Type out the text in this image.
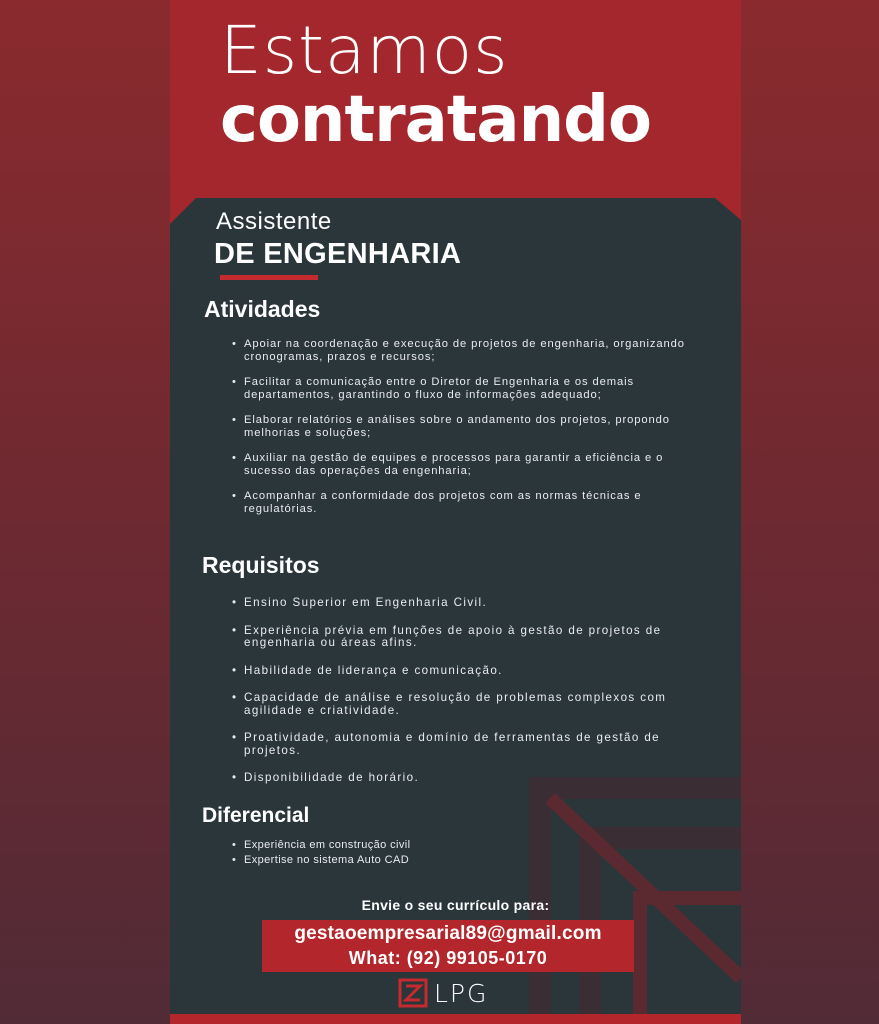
Estamos
contratando
Assistente
DE ENGENHARIA
Atividades
• Apoiar na coordenação e execução de projetos de engenharia, organizando cronogramas, prazos e recursos;
• Facilitar a comunicação entre o Diretor de Engenharia e os demais departamentos, garantindo o fluxo de informações adequado;
• Elaborar relatórios e análises sobre o andamento dos projetos, propondo melhorias e soluções;
• Auxiliar na gestão de equipes e processos para garantir a eficiência e o sucesso das operações da engenharia;
• Acompanhar a conformidade dos projetos com as normas técnicas e regulatórias.
Requisitos
• Ensino Superior em Engenharia Civil.
• Experiência prévia em funções de apoio à gestão de projetos de engenharia ou áreas afins.
• Habilidade de liderança e comunicação.
• Capacidade de análise e resolução de problemas complexos com agilidade e criatividade.
• Proatividade, autonomia e domínio de ferramentas de gestão de projetos.
• Disponibilidade de horário.
Diferencial
• Experiência em construção civil
• Expertise no sistema Auto CAD
Envie o seu currículo para:
gestaoempresarial89@gmail.com
What: (92) 99105-0170
LPG
